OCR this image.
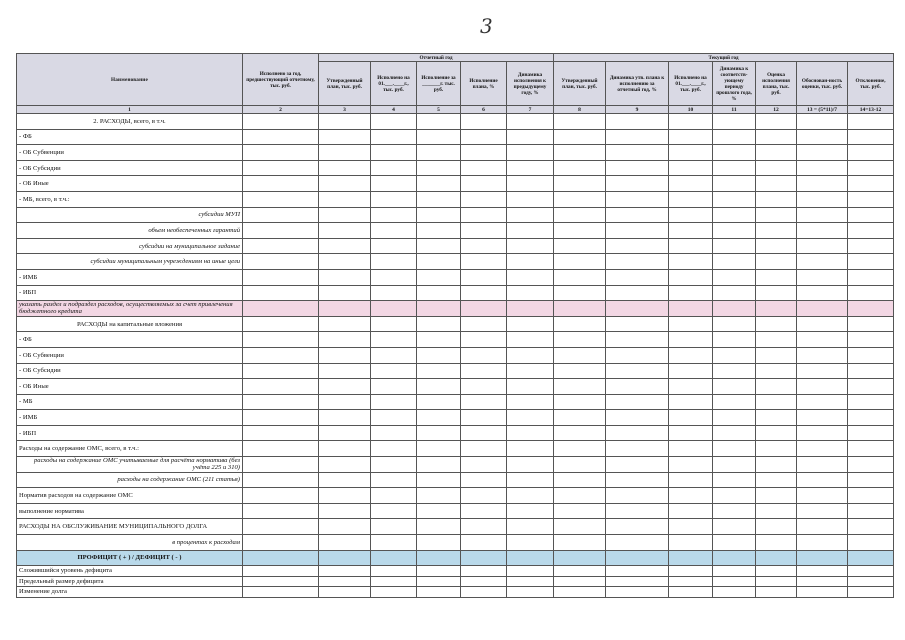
3
Наименование	Исполнено за год, предшествующий отчетному, тыс. руб.	Отчетный год					Текущий год						
		Утвержденный план, тыс. руб.	Исполнено на 01.___.____г., тыс. руб.	Исполнение за _______г. тыс. руб.	Исполнение плана, %	Динамика исполнения к предыдущему году, %	Утвержденный план, тыс. руб.	Динамика утв. плана к исполнению за отчетный год, %	Исполнено на 01.___.____г., тыс. руб.	Динамика к соответств-ующему периоду прошлого года, %	Оценка исполнения плана, тыс. руб.	Обоснован-ность оценки, тыс. руб.	Отклонение, тыс. руб.
1	2	3	4	5	6	7	8	9	10	11	12	13 = (5*11)/7	14=13-12
2. РАСХОДЫ, всего, в т.ч.													
- ФБ													
- ОБ Субвенции													
- ОБ Субсидии													
- ОБ Иные													
- МБ, всего, в т.ч.:													
субсидии МУП													
объем необеспеченных гарантий													
субсидии на муниципальное задание													
субсидии муниципальным учреждениям на иные цели													
- ИМБ													
- ИБП													
указать раздел и подраздел расходов, осуществляемых за счет привлечения бюджетного кредита													
РАСХОДЫ на капитальные вложения													
- ФБ													
- ОБ Субвенции													
- ОБ Субсидии													
- ОБ Иные													
- МБ													
- ИМБ													
- ИБП													
Расходы на содержание ОМС, всего, в т.ч.:													
расходы на содержание ОМС учитываемые для расчёта норматива (без учёта 225 и 310)													
расходы на содержание ОМС (211 статья)													
Норматив расходов на содержание ОМС													
выполнение норматива													
РАСХОДЫ НА ОБСЛУЖИВАНИЕ МУНИЦИПАЛЬНОГО ДОЛГА													
в процентах к расходам													
ПРОФИЦИТ ( + ) / ДЕФИЦИТ ( - )													
Сложившийся уровень дефицита													
Предельный размер дефицита													
Изменение долга													
